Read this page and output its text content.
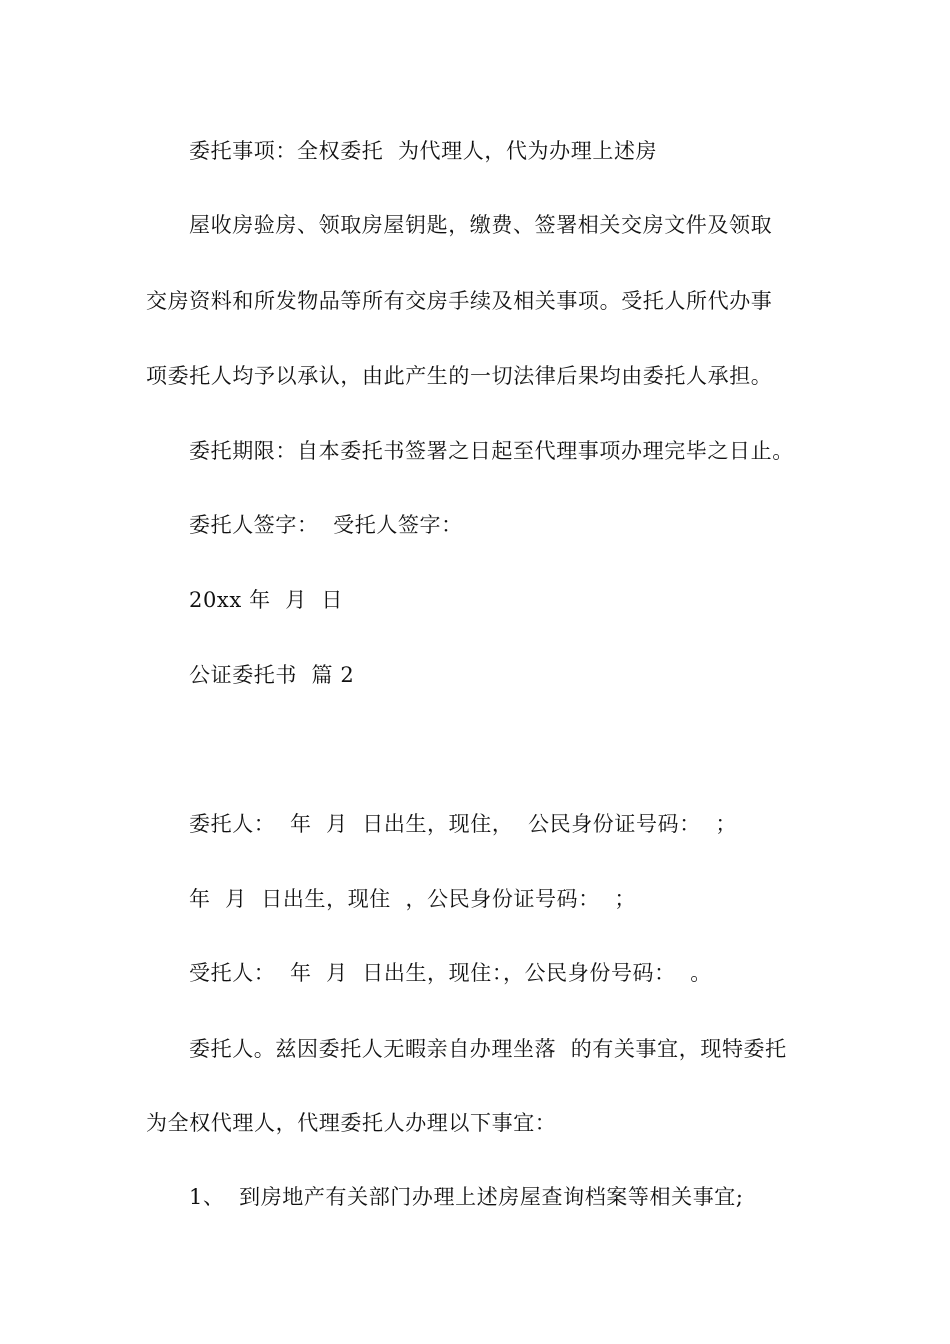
委托事项：全权委托  为代理人，代为办理上述房
屋收房验房、领取房屋钥匙，缴费、签署相关交房文件及领取
交房资料和所发物品等所有交房手续及相关事项。受托人所代办事
项委托人均予以承认，由此产生的一切法律后果均由委托人承担。
委托期限：自本委托书签署之日起至代理事项办理完毕之日止。
委托人签字：  受托人签字：
20xx 年  月  日
公证委托书  篇 2
委托人：  年  月  日出生，现住，  公民身份证号码：  ；
年  月  日出生，现住  ，公民身份证号码：  ；
受托人：  年  月  日出生，现住：，公民身份号码：  。
委托人。兹因委托人无暇亲自办理坐落  的有关事宜，现特委托
为全权代理人，代理委托人办理以下事宜：
1、  到房地产有关部门办理上述房屋查询档案等相关事宜;
